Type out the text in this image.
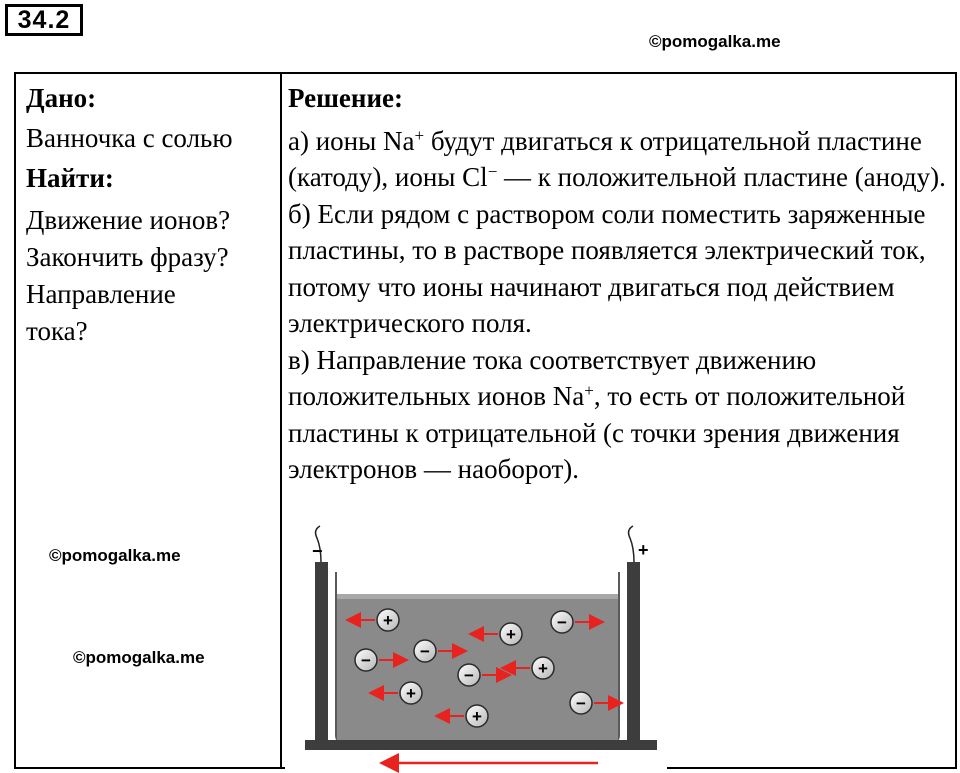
34.2
©pomogalka.me
Дано:
Ванночка с солью
Найти:
Движение ионов?
Закончить фразу?
Направление
тока?

Решение:

а) ионы Na+ будут двигаться к отрицательной пластине (катоду), ионы Cl− — к положительной пластине (аноду).

б) Если рядом с раствором соли поместить заряженные пластины, то в растворе появляется электрический ток, потому что ионы начинают двигаться под действием электрического поля.

в) Направление тока соответствует движению положительных ионов Na+, то есть от положительной пластины к отрицательной (с точки зрения движения электронов — наоборот).

©pomogalka.me
©pomogalka.me
−	+
+
+
−
−
−	+
−
+
−
+
